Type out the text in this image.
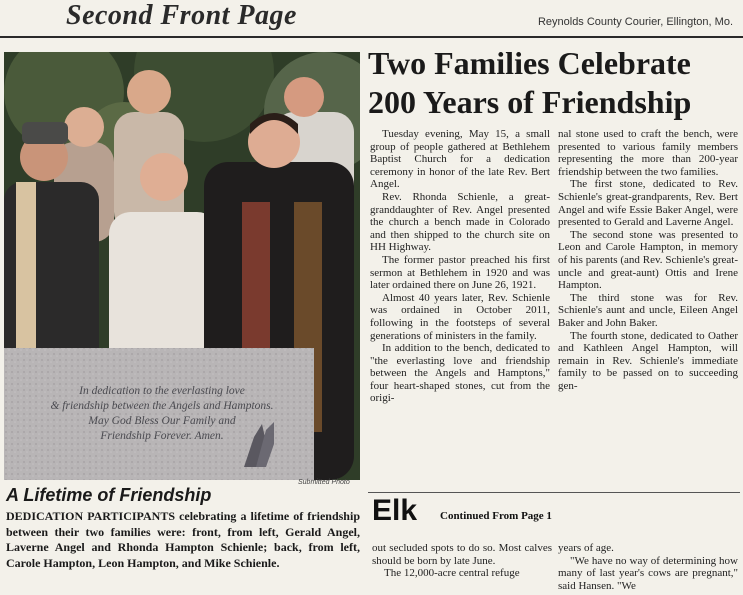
Second Front Page	Reynolds County Courier, Ellington, Mo.
In dedication to the everlasting love
& friendship between the Angels and Hamptons.
May God Bless Our Family and
Friendship Forever. Amen.
Submitted Photo
A Lifetime of Friendship
DEDICATION PARTICIPANTS celebrating a lifetime of friendship between their two families were: front, from left, Gerald Angel, Laverne Angel and Rhonda Hampton Schienle; back, from left, Carole Hampton, Leon Hampton, and Mike Schienle.
Two Families Celebrate
200 Years of Friendship

Tuesday evening, May 15, a small group of people gathered at Bethlehem Baptist Church for a dedication ceremony in honor of the late Rev. Bert Angel.

Rev. Rhonda Schienle, a great-granddaughter of Rev. Angel presented the church a bench made in Colorado and then shipped to the church site on HH Highway.

The former pastor preached his first sermon at Bethlehem in 1920 and was later ordained there on June 26, 1921.

Almost 40 years later, Rev. Schienle was ordained in October 2011, following in the footsteps of several generations of ministers in the family.

In addition to the bench, dedicated to "the everlasting love and friendship between the Angels and Hamptons," four heart-shaped stones, cut from the origi-

nal stone used to craft the bench, were presented to various family members representing the more than 200-year friendship between the two families.

The first stone, dedicated to Rev. Schienle's great-grandparents, Rev. Bert Angel and wife Essie Baker Angel, were presented to Gerald and Laverne Angel.

The second stone was presented to Leon and Carole Hampton, in memory of his parents (and Rev. Schienle's great-uncle and great-aunt) Ottis and Irene Hampton.

The third stone was for Rev. Schienle's aunt and uncle, Eileen Angel Baker and John Baker.

The fourth stone, dedicated to Oather and Kathleen Angel Hampton, will remain in Rev. Schienle's immediate family to be passed on to succeeding gen-

Elk Continued From Page 1

out secluded spots to do so. Most calves should be born by late June.

The 12,000-acre central refuge

years of age.

"We have no way of determining how many of last year's cows are pregnant," said Hansen. "We
